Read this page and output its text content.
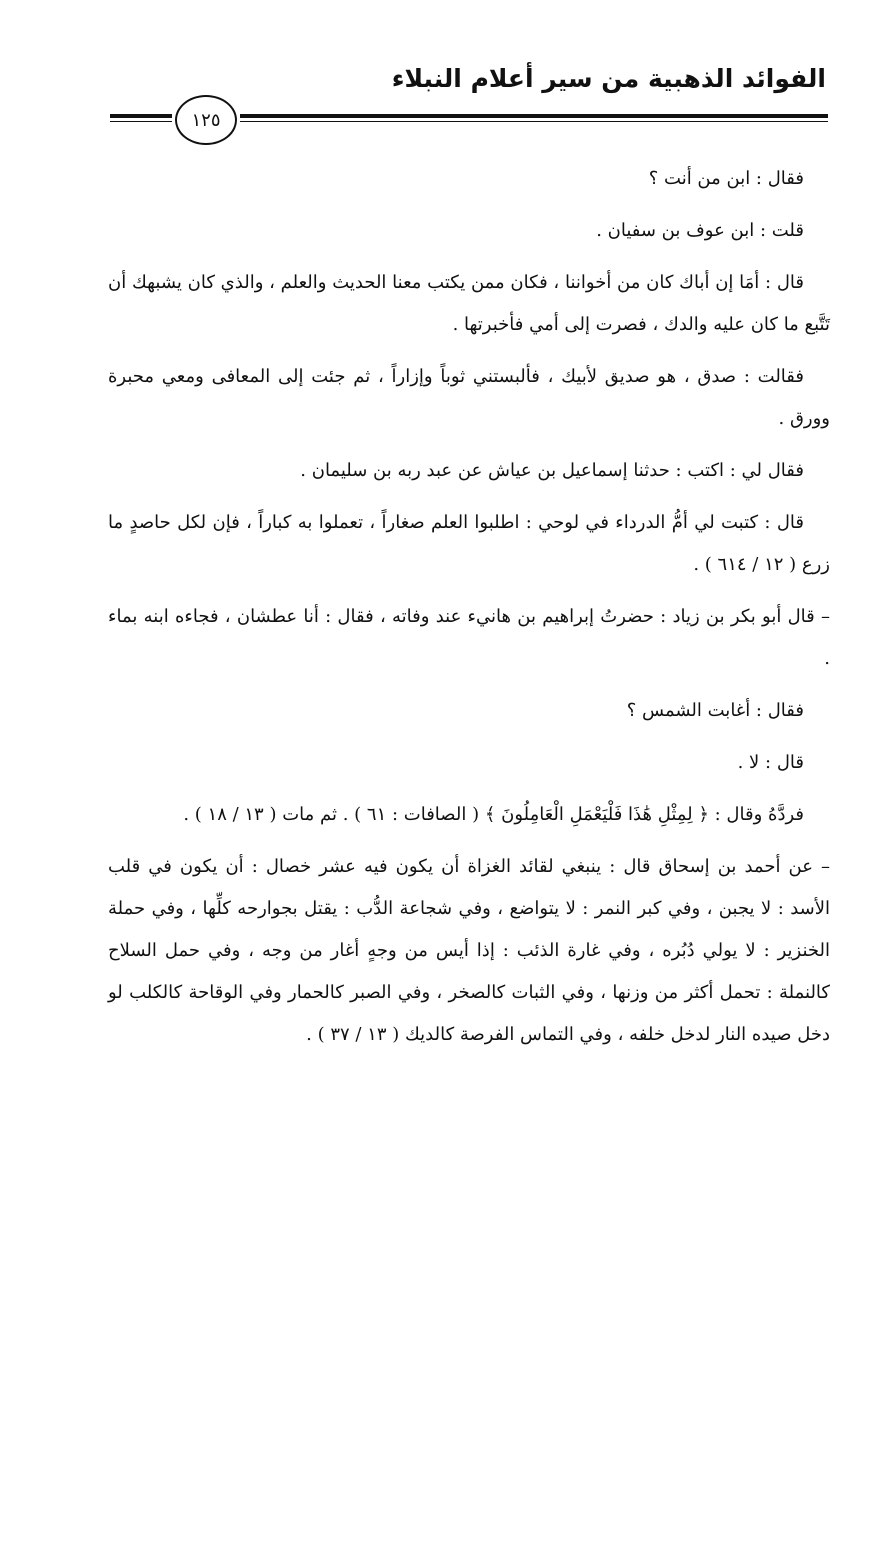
الفوائد الذهبية من سير أعلام النبلاء
١٢٥

فقال : ابن من أنت ؟

قلت : ابن عوف بن سفيان .

قال : أمَا إن أباك كان من أخواننا ، فكان ممن يكتب معنا الحديث والعلم ، والذي كان يشبهك أن تَتَّبع ما كان عليه والدك ، فصرت إلى أمي فأخبرتها .

فقالت : صدق ، هو صديق لأبيك ، فألبستني ثوباً وإزاراً ، ثم جئت إلى المعافى ومعي محبرة وورق .

فقال لي : اكتب : حدثنا إسماعيل بن عياش عن عبد ربه بن سليمان .

قال : كتبت لي أمُّ الدرداء في لوحي : اطلبوا العلم صغاراً ، تعملوا به كباراً ، فإن لكل حاصدٍ ما زرع ( ١٢ / ٦١٤ ) .

– قال أبو بكر بن زياد : حضرتُ إبراهيم بن هانيء عند وفاته ، فقال : أنا عطشان ، فجاءه ابنه بماء .

فقال : أغابت الشمس ؟

قال : لا .

فردَّهُ وقال : ﴿ لِمِثْلِ هَٰذَا فَلْيَعْمَلِ الْعَامِلُونَ ﴾ ( الصافات : ٦١ ) . ثم مات ( ١٣ / ١٨ ) .

– عن أحمد بن إسحاق قال : ينبغي لقائد الغزاة أن يكون فيه عشر خصال : أن يكون في قلب الأسد : لا يجبن ، وفي كبر النمر : لا يتواضع ، وفي شجاعة الدُّب : يقتل بجوارحه كلِّها ، وفي حملة الخنزير : لا يولي دُبُره ، وفي غارة الذئب : إذا أيس من وجهٍ أغار من وجه ، وفي حمل السلاح كالنملة : تحمل أكثر من وزنها ، وفي الثبات كالصخر ، وفي الصبر كالحمار وفي الوقاحة كالكلب لو دخل صيده النار لدخل خلفه ، وفي التماس الفرصة كالديك ( ١٣ / ٣٧ ) .
